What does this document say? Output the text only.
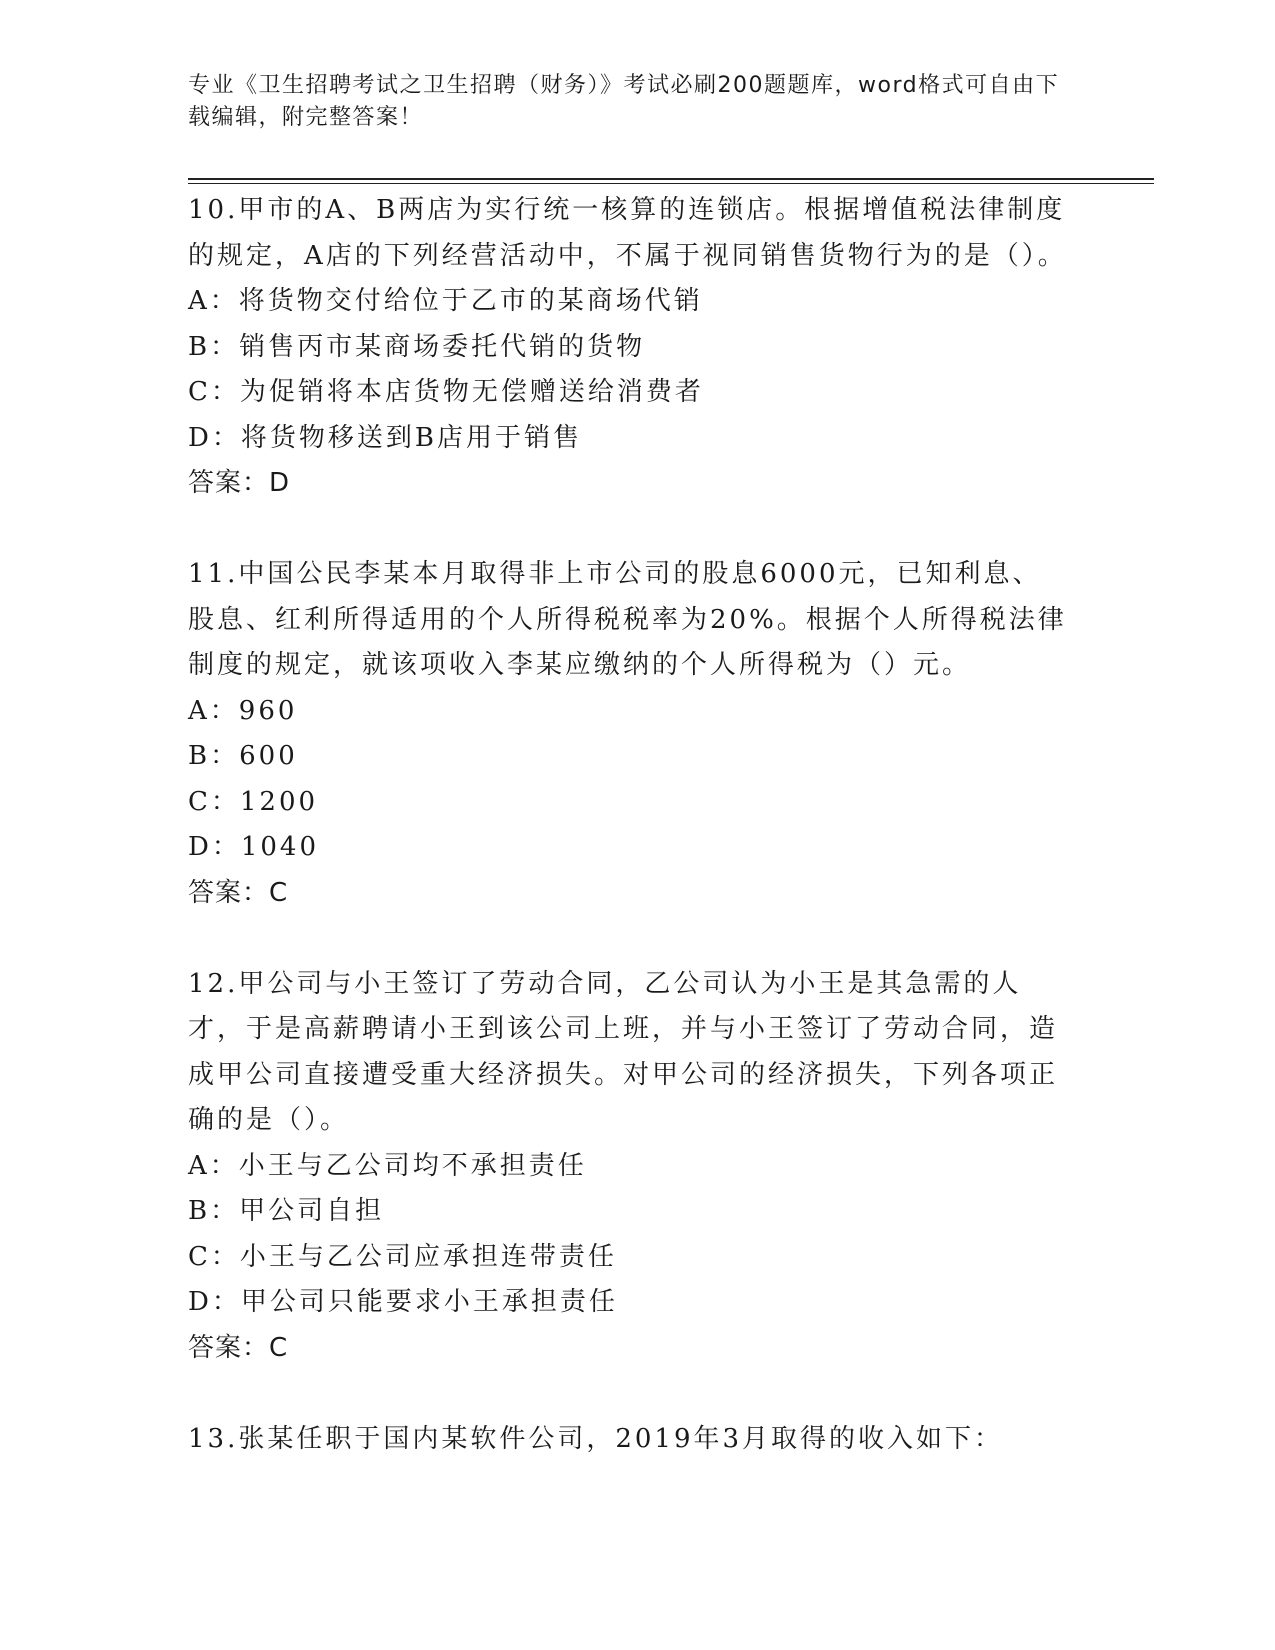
专业《卫生招聘考试之卫生招聘（财务）》考试必刷200题题库，word格式可自由下载编辑，附完整答案！

10.甲市的A、B两店为实行统一核算的连锁店。根据增值税法律制度的规定，A店的下列经营活动中，不属于视同销售货物行为的是（）。

A：将货物交付给位于乙市的某商场代销

B：销售丙市某商场委托代销的货物

C：为促销将本店货物无偿赠送给消费者

D：将货物移送到B店用于销售

答案：D

11.中国公民李某本月取得非上市公司的股息6000元，已知利息、股息、红利所得适用的个人所得税税率为20%。根据个人所得税法律制度的规定，就该项收入李某应缴纳的个人所得税为（）元。

A：960

B：600

C：1200

D：1040

答案：C

12.甲公司与小王签订了劳动合同，乙公司认为小王是其急需的人才，于是高薪聘请小王到该公司上班，并与小王签订了劳动合同，造成甲公司直接遭受重大经济损失。对甲公司的经济损失，下列各项正确的是（）。

A：小王与乙公司均不承担责任

B：甲公司自担

C：小王与乙公司应承担连带责任

D：甲公司只能要求小王承担责任

答案：C

13.张某任职于国内某软件公司，2019年3月取得的收入如下：
